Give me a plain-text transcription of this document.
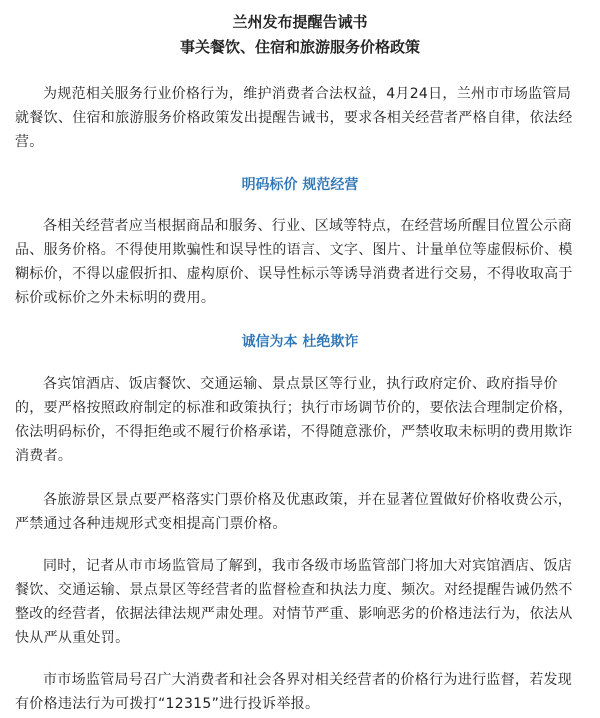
兰州发布提醒告诫书
事关餐饮、住宿和旅游服务价格政策

为规范相关服务行业价格行为，维护消费者合法权益，4月24日，兰州市市场监管局就餐饮、住宿和旅游服务价格政策发出提醒告诫书，要求各相关经营者严格自律，依法经营。

明码标价 规范经营

各相关经营者应当根据商品和服务、行业、区域等特点，在经营场所醒目位置公示商品、服务价格。不得使用欺骗性和误导性的语言、文字、图片、计量单位等虚假标价、模糊标价，不得以虚假折扣、虚构原价、误导性标示等诱导消费者进行交易，不得收取高于标价或标价之外未标明的费用。

诚信为本 杜绝欺诈

各宾馆酒店、饭店餐饮、交通运输、景点景区等行业，执行政府定价、政府指导价的，要严格按照政府制定的标准和政策执行；执行市场调节价的，要依法合理制定价格，依法明码标价，不得拒绝或不履行价格承诺，不得随意涨价，严禁收取未标明的费用欺诈消费者。

各旅游景区景点要严格落实门票价格及优惠政策，并在显著位置做好价格收费公示，严禁通过各种违规形式变相提高门票价格。

同时，记者从市市场监管局了解到，我市各级市场监管部门将加大对宾馆酒店、饭店餐饮、交通运输、景点景区等经营者的监督检查和执法力度、频次。对经提醒告诫仍然不整改的经营者，依据法律法规严肃处理。对情节严重、影响恶劣的价格违法行为，依法从快从严从重处罚。

市市场监管局号召广大消费者和社会各界对相关经营者的价格行为进行监督，若发现有价格违法行为可拨打“12315”进行投诉举报。
